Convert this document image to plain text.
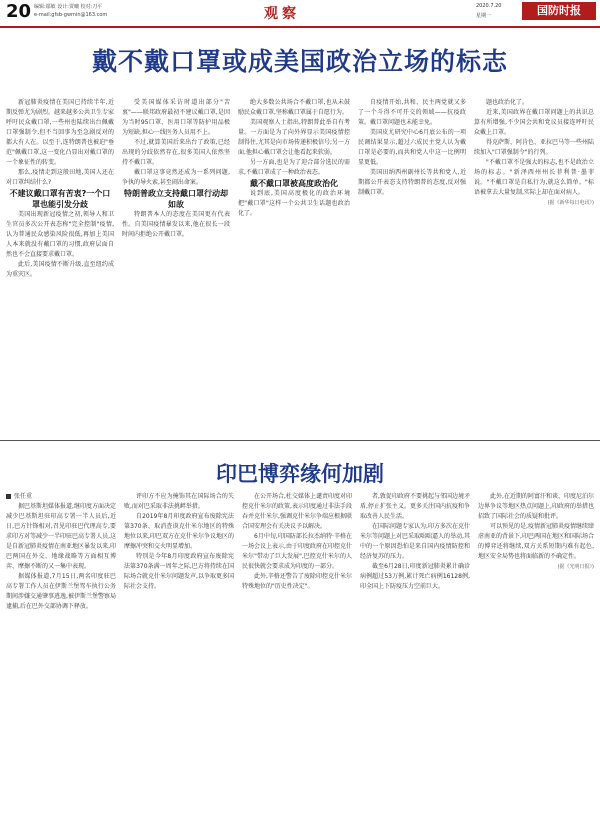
20 编辑:鄢敏 设计:贾曦 校对:刀平
e-mail:gfsb-gwmin@163.com	观察	2020.7.20
星期一	国防时报
戴不戴口罩或成美国政治立场的标志

新冠肺炎疫情在美国已持续半年,近期反弹尤为剧烈。越来越多公共卫生专家呼吁民众戴口罩,一些州也陆续出台佩戴口罩强制令,但不当回事为至急剧反对的都大有人在。以至于,连特朗普也被迫"垂范"佩戴口罩,这一变化凸显出对戴口罩的一个象征性的转变。

那么,疫情走到这般田地,美国人还在对口罩纠结什么?

不建议戴口罩有苦衷?一个口罩也能引发分歧

美国出现新冠疫情之初,领导人和卫生官员多次公开表态称"完全控制"疫情,认为普通民众感染风险很低,再加上美国人本来就没有戴口罩的习惯,政府层面自然也不会直接要求戴口罩。

此后,美国疫情不断升级,直至纽约成为重灾区。

受美国媒体采访时道出部分"苦衷"——联邦政府最初不建议戴口罩,是因为当时95口罩、医用口罩等防护用品极为短缺,担心一线医务人员用不上。

不过,就算美国后来出台了政策,已经出现的分歧依然存在,很多美国人依然坚持不戴口罩。

戴口罩这事竟然还成为一系列问题,争执的导火索,甚至闹出命案。

特朗普政立支持戴口罩行动却如故

特朗普本人的态度在美国更有代表性。自美国疫情暴发以来,他在很长一段时间内拒绝公开戴口罩。

绝大多数公共场合不戴口罩,也从未鼓励民众戴口罩,坚称戴口罩属于自愿行为。

美国观察人士指出,特朗普此举自有考量。一方面是为了向外界显示美国疫情控制得住,尤其是向市场传递积极信号;另一方面,他担心戴口罩会让他看起来软弱。

另一方面,也是为了迎合部分选民的需求,不戴口罩成了一种政治表态。

戴不戴口罩被高度政治化

说到底,美国高度极化的政治环境把"戴口罩"这样一个公共卫生话题也政治化了。

自疫情开始,共和、民主两党就又多了一个斗得不可开交的领域——抗疫政策。戴口罩问题也未能幸免。

美国皮尤研究中心6月底公布的一项民调结果显示,超过六成民主党人认为戴口罩是必要的,而共和党人中这一比例明显更低。

美国田纳西州副州长等共和党人,近期都公开表态支持特朗普的态度,反对强制戴口罩。

题也政治化了。

近来,美国政界在戴口罩问题上的共识总算有所增强,不少国会共和党议员接连呼吁民众戴上口罩。

得克萨斯、阿肯色、亚拉巴马等一些州陆续加入"口罩强制令"的行列。

"不戴口罩不是强大的标志,也不是政治立场的标志。"新泽西州州长菲利普·墨菲说。"不戴口罩是自私行为,就这么简单。"标语被拿去大量复制,实际上却在面对病人。

(据《新华每日电讯》)

印巴博弈缘何加剧

张任重

据巴基斯坦媒体报道,继印度方面决定减少巴基斯坦驻印高专署一半人员后,近日,巴方针锋相对,召见印驻巴代理高专,要求印方对等减少一半印驻巴高专署人员,这是自新冠肺炎疫情在南亚地区暴发以来,印巴两国在外交、地缘战略等方面相互博弈、摩擦不断的又一集中表现。

据媒体报道,7月15日,两名印度驻巴高专署工作人员在伊斯兰堡驾车执行公务期间涉嫌交通肇事逃逸,被伊斯兰堡警察局逮捕,后在巴外交部协调下释放。

评印方不应为掩饰其在国际场合的失败,而对巴采取非法挑衅举措。

自2019年8月印度政府宣布废除宪法第370条、取消查谟克什米尔地区的特殊地位以来,印巴双方在克什米尔争议地区的摩擦冲突和交火明显增加。

特别是今年8月印度政府宣布废除宪法第370条满一周年之际,巴方将持续在国际场合就克什米尔问题发声,以争取更多国际社会支持。

在公开场合,杜交媒体上谴责印度对印控克什米尔的政策,表示印度通过非法手段吞并克什米尔,强调克什米尔争端应根据联合国安理会有关决议予以解决。

6月中旬,印国防部长拉杰纳特·辛格在一场会议上表示,由于印度政府在印控克什米尔"带动了巨大发展",巴控克什米尔的人民很快就会要求成为印度的一部分。

此外,辛格还警告了废除印控克什米尔特殊地位的"历史性决定"。

者,敦促印政府不要挑起与邻国边境矛盾,停止扩张主义。更多关注国内抗疫和争取改善人民生活。

在国际问题专家认为,印方多次在克什米尔等问题上对巴采取咄咄逼人的举动,其中的一个原因恐怕是来自国内疫情防控和经济复苏的压力。

截至6月28日,印度新冠肺炎累计确诊病例超过53万例,累计死亡病例16128例,印全国上下防疫压力空前巨大。

此外,在近期的阿富汗和谈、印度尼泊尔边界争议等地区热点问题上,印政府的举措也招致了国际社会的质疑和批评。

可以预见的是,疫情新冠肺炎疫情继续肆虐南亚的背景下,印巴两国在地区和国际场合的博弈还将继续,双方关系短期内难有起色,地区安全局势也将面临新的不确定性。

(据《光明日报》)
